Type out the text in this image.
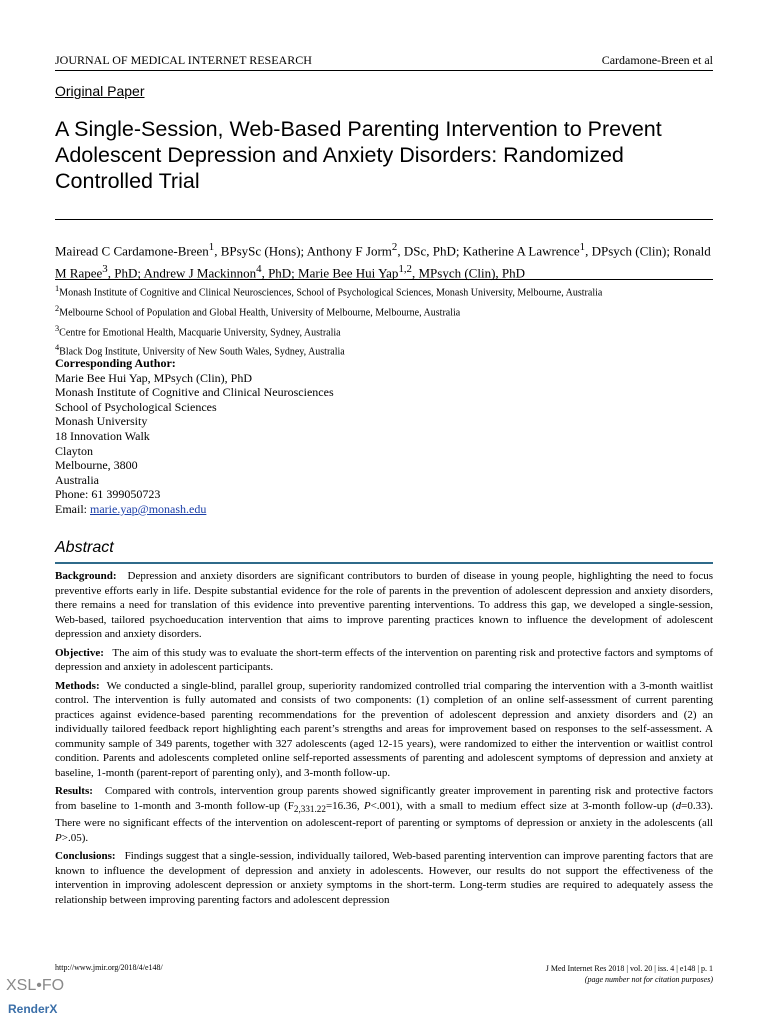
JOURNAL OF MEDICAL INTERNET RESEARCH	Cardamone-Breen et al
Original Paper
A Single-Session, Web-Based Parenting Intervention to Prevent Adolescent Depression and Anxiety Disorders: Randomized Controlled Trial
Mairead C Cardamone-Breen$^1$, BPsySc (Hons); Anthony F Jorm$^2$, DSc, PhD; Katherine A Lawrence$^1$, DPsych (Clin); Ronald M Rapee$^3$, PhD; Andrew J Mackinnon$^4$, PhD; Marie Bee Hui Yap$^{1,2}$, MPsych (Clin), PhD
$^1$Monash Institute of Cognitive and Clinical Neurosciences, School of Psychological Sciences, Monash University, Melbourne, Australia
$^2$Melbourne School of Population and Global Health, University of Melbourne, Melbourne, Australia
$^3$Centre for Emotional Health, Macquarie University, Sydney, Australia
$^4$Black Dog Institute, University of New South Wales, Sydney, Australia
Corresponding Author:
Marie Bee Hui Yap, MPsych (Clin), PhD
Monash Institute of Cognitive and Clinical Neurosciences
School of Psychological Sciences
Monash University
18 Innovation Walk
Clayton
Melbourne, 3800
Australia
Phone: 61 399050723
Email: marie.yap@monash.edu
Abstract

Background: Depression and anxiety disorders are significant contributors to burden of disease in young people, highlighting the need to focus preventive efforts early in life. Despite substantial evidence for the role of parents in the prevention of adolescent depression and anxiety disorders, there remains a need for translation of this evidence into preventive parenting interventions. To address this gap, we developed a single-session, Web-based, tailored psychoeducation intervention that aims to improve parenting practices known to influence the development of adolescent depression and anxiety disorders.

Objective: The aim of this study was to evaluate the short-term effects of the intervention on parenting risk and protective factors and symptoms of depression and anxiety in adolescent participants.

Methods: We conducted a single-blind, parallel group, superiority randomized controlled trial comparing the intervention with a 3-month waitlist control. The intervention is fully automated and consists of two components: (1) completion of an online self-assessment of current parenting practices against evidence-based parenting recommendations for the prevention of adolescent depression and anxiety disorders and (2) an individually tailored feedback report highlighting each parent’s strengths and areas for improvement based on responses to the self-assessment. A community sample of 349 parents, together with 327 adolescents (aged 12-15 years), were randomized to either the intervention or waitlist control condition. Parents and adolescents completed online self-reported assessments of parenting and adolescent symptoms of depression and anxiety at baseline, 1-month (parent-report of parenting only), and 3-month follow-up.

Results: Compared with controls, intervention group parents showed significantly greater improvement in parenting risk and protective factors from baseline to 1-month and 3-month follow-up ($F_{2,331.22}=16.36$, P<.001), with a small to medium effect size at 3-month follow-up (d=0.33). There were no significant effects of the intervention on adolescent-report of parenting or symptoms of depression or anxiety in the adolescents (all P>.05).

Conclusions: Findings suggest that a single-session, individually tailored, Web-based parenting intervention can improve parenting factors that are known to influence the development of depression and anxiety in adolescents. However, our results do not support the effectiveness of the intervention in improving adolescent depression or anxiety symptoms in the short-term. Long-term studies are required to adequately assess the relationship between improving parenting factors and adolescent depression

http://www.jmir.org/2018/4/e148/	J Med Internet Res 2018 | vol. 20 | iss. 4 | e148 | p. 1
(page number not for citation purposes)
XSL•FO
RenderX
